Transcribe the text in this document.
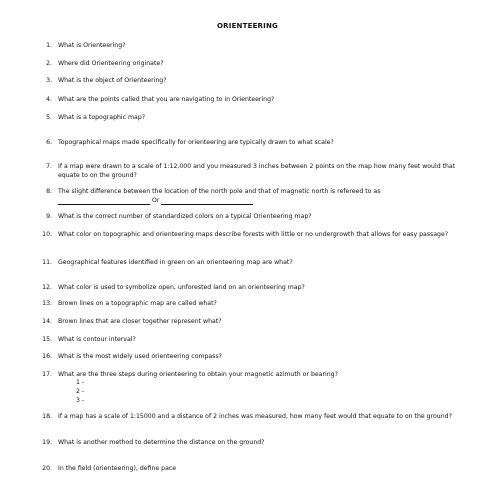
ORIENTEERING
1. What is Orienteering?
2. Where did Orienteering originate?
3. What is the object of Orienteering?
4. What are the points called that you are navigating to in Orienteering?
5. What is a topographic map?
6. Topographical maps made specifically for orienteering are typically drawn to what scale?
7. If a map were drawn to a scale of 1:12,000 and you measured 3 inches between 2 points on the map how many feet would that equate to on the ground?
8. The slight difference between the location of the north pole and that of magnetic north is refereed to as
Or
9. What is the correct number of standardized colors on a typical Orienteering map?
10. What color on topographic and orienteering maps describe forests with little or no undergrowth that allows for easy passage?
11. Geographical features identified in green on an orienteering map are what?
12. What color is used to symbolize open, unforested land on an orienteering map?
13. Brown lines on a topographic map are called what?
14. Brown lines that are closer together represent what?
15. What is contour interval?
16. What is the most widely used orienteering compass?
17. What are the three steps during orienteering to obtain your magnetic azimuth or bearing?
1 -
2 -
3 -
18. If a map has a scale of 1:15000 and a distance of 2 inches was measured, how many feet would that equate to on the ground?
19. What is another method to determine the distance on the ground?
20. In the field (orienteering), define pace
